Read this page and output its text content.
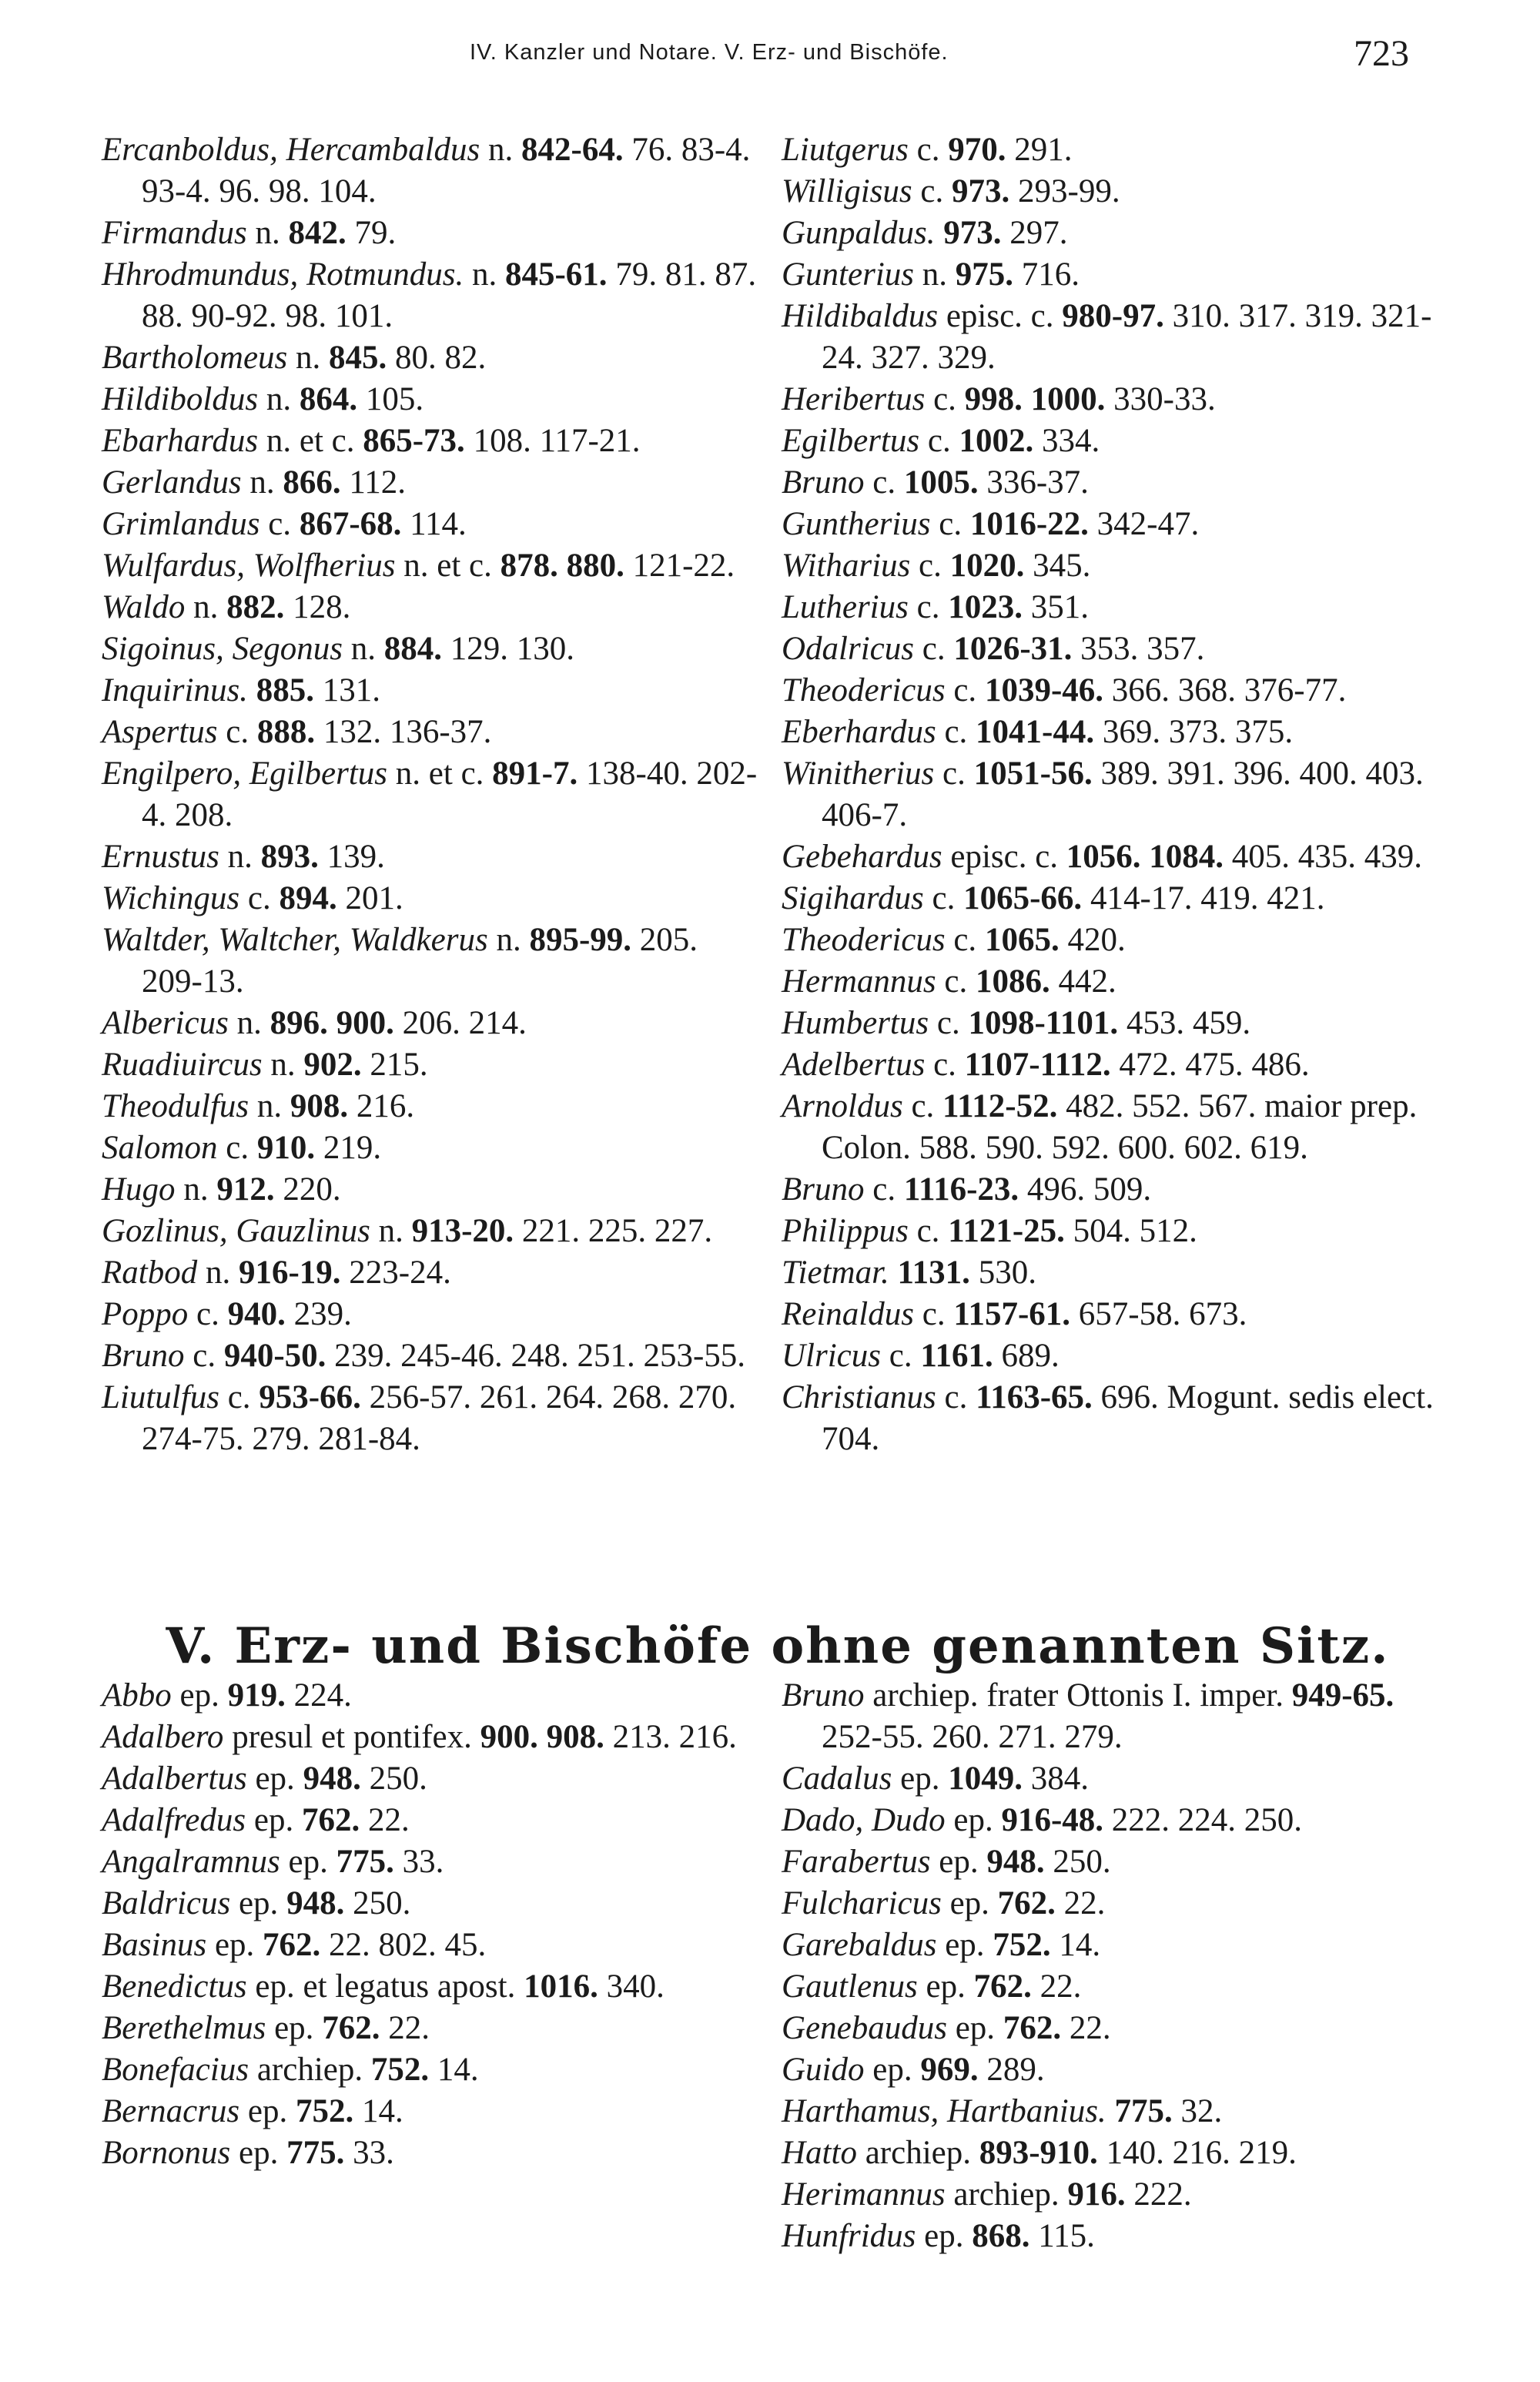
IV. Kanzler und Notare. V. Erz- und Bischöfe.	723

Ercanboldus, Hercambaldus n. 842-64. 76. 83-4. 93-4. 96. 98. 104.

Firmandus n. 842. 79.

Hhrodmundus, Rotmundus. n. 845-61. 79. 81. 87. 88. 90-92. 98. 101.

Bartholomeus n. 845. 80. 82.

Hildiboldus n. 864. 105.

Ebarhardus n. et c. 865-73. 108. 117-21.

Gerlandus n. 866. 112.

Grimlandus c. 867-68. 114.

Wulfardus, Wolfherius n. et c. 878. 880. 121-22.

Waldo n. 882. 128.

Sigoinus, Segonus n. 884. 129. 130.

Inquirinus. 885. 131.

Aspertus c. 888. 132. 136-37.

Engilpero, Egilbertus n. et c. 891-7. 138-40. 202-4. 208.

Ernustus n. 893. 139.

Wichingus c. 894. 201.

Waltder, Waltcher, Waldkerus n. 895-99. 205. 209-13.

Albericus n. 896. 900. 206. 214.

Ruadiuircus n. 902. 215.

Theodulfus n. 908. 216.

Salomon c. 910. 219.

Hugo n. 912. 220.

Gozlinus, Gauzlinus n. 913-20. 221. 225. 227.

Ratbod n. 916-19. 223-24.

Poppo c. 940. 239.

Bruno c. 940-50. 239. 245-46. 248. 251. 253-55.

Liutulfus c. 953-66. 256-57. 261. 264. 268. 270. 274-75. 279. 281-84.

Liutgerus c. 970. 291.

Willigisus c. 973. 293-99.

Gunpaldus. 973. 297.

Gunterius n. 975. 716.

Hildibaldus episc. c. 980-97. 310. 317. 319. 321-24. 327. 329.

Heribertus c. 998. 1000. 330-33.

Egilbertus c. 1002. 334.

Bruno c. 1005. 336-37.

Guntherius c. 1016-22. 342-47.

Witharius c. 1020. 345.

Lutherius c. 1023. 351.

Odalricus c. 1026-31. 353. 357.

Theodericus c. 1039-46. 366. 368. 376-77.

Eberhardus c. 1041-44. 369. 373. 375.

Winitherius c. 1051-56. 389. 391. 396. 400. 403. 406-7.

Gebehardus episc. c. 1056. 1084. 405. 435. 439.

Sigihardus c. 1065-66. 414-17. 419. 421.

Theodericus c. 1065. 420.

Hermannus c. 1086. 442.

Humbertus c. 1098-1101. 453. 459.

Adelbertus c. 1107-1112. 472. 475. 486.

Arnoldus c. 1112-52. 482. 552. 567. maior prep. Colon. 588. 590. 592. 600. 602. 619.

Bruno c. 1116-23. 496. 509.

Philippus c. 1121-25. 504. 512.

Tietmar. 1131. 530.

Reinaldus c. 1157-61. 657-58. 673.

Ulricus c. 1161. 689.

Christianus c. 1163-65. 696. Mogunt. sedis elect. 704.

V. Erz- und Bischöfe ohne genannten Sitz.

Abbo ep. 919. 224.

Adalbero presul et pontifex. 900. 908. 213. 216.

Adalbertus ep. 948. 250.

Adalfredus ep. 762. 22.

Angalramnus ep. 775. 33.

Baldricus ep. 948. 250.

Basinus ep. 762. 22. 802. 45.

Benedictus ep. et legatus apost. 1016. 340.

Berethelmus ep. 762. 22.

Bonefacius archiep. 752. 14.

Bernacrus ep. 752. 14.

Bornonus ep. 775. 33.

Bruno archiep. frater Ottonis I. imper. 949-65. 252-55. 260. 271. 279.

Cadalus ep. 1049. 384.

Dado, Dudo ep. 916-48. 222. 224. 250.

Farabertus ep. 948. 250.

Fulcharicus ep. 762. 22.

Garebaldus ep. 752. 14.

Gautlenus ep. 762. 22.

Genebaudus ep. 762. 22.

Guido ep. 969. 289.

Harthamus, Hartbanius. 775. 32.

Hatto archiep. 893-910. 140. 216. 219.

Herimannus archiep. 916. 222.

Hunfridus ep. 868. 115.
